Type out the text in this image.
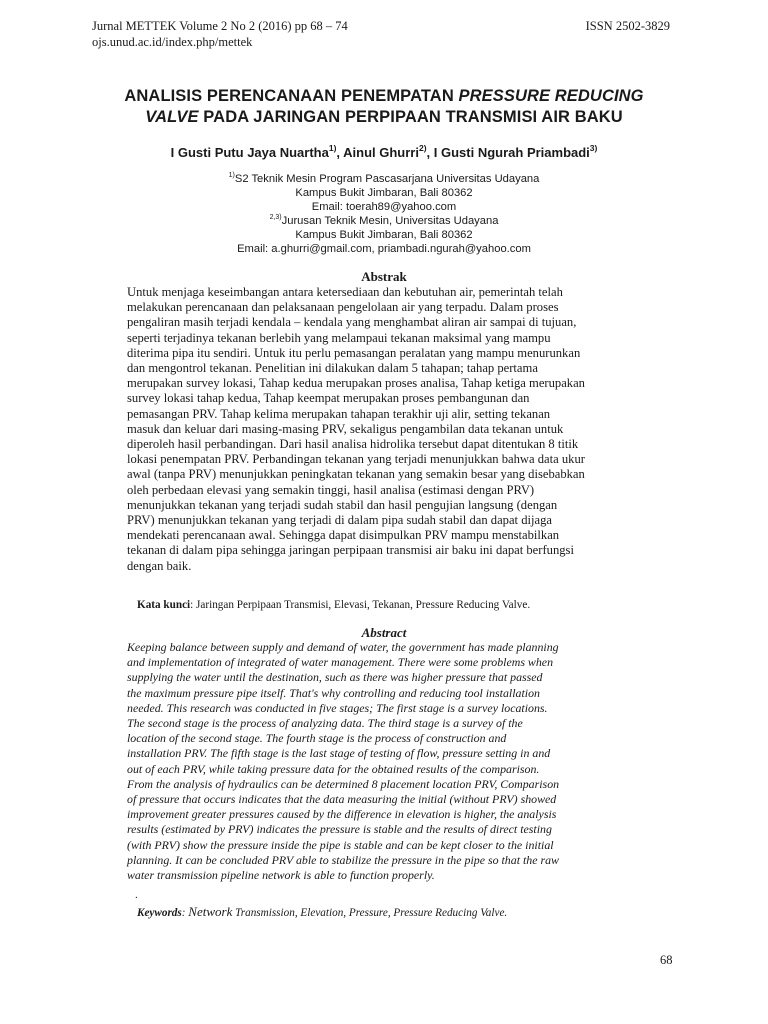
Jurnal METTEK Volume 2 No 2 (2016) pp 68 – 74	ISSN 2502-3829
ojs.unud.ac.id/index.php/mettek
ANALISIS PERENCANAAN PENEMPATAN PRESSURE REDUCING
VALVE PADA JARINGAN PERPIPAAN TRANSMISI AIR BAKU
I Gusti Putu Jaya Nuartha$^{1)}$, Ainul Ghurri$^{2)}$, I Gusti Ngurah Priambadi$^{3)}$
$^{1)}$S2 Teknik Mesin Program Pascasarjana Universitas Udayana
Kampus Bukit Jimbaran, Bali 80362
Email: toerah89@yahoo.com
$^{2,3)}$Jurusan Teknik Mesin, Universitas Udayana
Kampus Bukit Jimbaran, Bali 80362
Email: a.ghurri@gmail.com, priambadi.ngurah@yahoo.com
Abstrak
Untuk menjaga keseimbangan antara ketersediaan dan kebutuhan air, pemerintah telah
melakukan perencanaan dan pelaksanaan pengelolaan air yang terpadu. Dalam proses
pengaliran masih terjadi kendala – kendala yang menghambat aliran air sampai di tujuan,
seperti terjadinya tekanan berlebih yang melampaui tekanan maksimal yang mampu
diterima pipa itu sendiri. Untuk itu perlu pemasangan peralatan yang mampu menurunkan
dan mengontrol tekanan. Penelitian ini dilakukan dalam 5 tahapan; tahap pertama
merupakan survey lokasi, Tahap kedua merupakan proses analisa, Tahap ketiga merupakan
survey lokasi tahap kedua, Tahap keempat merupakan proses pembangunan dan
pemasangan PRV. Tahap kelima merupakan tahapan terakhir uji alir, setting tekanan
masuk dan keluar dari masing-masing PRV, sekaligus pengambilan data tekanan untuk
diperoleh hasil perbandingan. Dari hasil analisa hidrolika tersebut dapat ditentukan 8 titik
lokasi penempatan PRV. Perbandingan tekanan yang terjadi menunjukkan bahwa data ukur
awal (tanpa PRV) menunjukkan peningkatan tekanan yang semakin besar yang disebabkan
oleh perbedaan elevasi yang semakin tinggi, hasil analisa (estimasi dengan PRV)
menunjukkan tekanan yang terjadi sudah stabil dan hasil pengujian langsung (dengan
PRV) menunjukkan tekanan yang terjadi di dalam pipa sudah stabil dan dapat dijaga
mendekati perencanaan awal. Sehingga dapat disimpulkan PRV mampu menstabilkan
tekanan di dalam pipa sehingga jaringan perpipaan transmisi air baku ini dapat berfungsi
dengan baik.
Kata kunci: Jaringan Perpipaan Transmisi, Elevasi, Tekanan, Pressure Reducing Valve.
Abstract
Keeping balance between supply and demand of water, the government has made planning
and implementation of integrated of water management. There were some problems when
supplying the water until the destination, such as there was higher pressure that passed
the maximum pressure pipe itself. That's why controlling and reducing tool installation
needed. This research was conducted in five stages; The first stage is a survey locations.
The second stage is the process of analyzing data. The third stage is a survey of the
location of the second stage. The fourth stage is the process of construction and
installation PRV. The fifth stage is the last stage of testing of flow, pressure setting in and
out of each PRV, while taking pressure data for the obtained results of the comparison.
From the analysis of hydraulics can be determined 8 placement location PRV, Comparison
of pressure that occurs indicates that the data measuring the initial (without PRV) showed
improvement greater pressures caused by the difference in elevation is higher, the analysis
results (estimated by PRV) indicates the pressure is stable and the results of direct testing
(with PRV) show the pressure inside the pipe is stable and can be kept closer to the initial
planning. It can be concluded PRV able to stabilize the pressure in the pipe so that the raw
water transmission pipeline network is able to function properly.
.
Keywords: Network Transmission, Elevation, Pressure, Pressure Reducing Valve.
68
